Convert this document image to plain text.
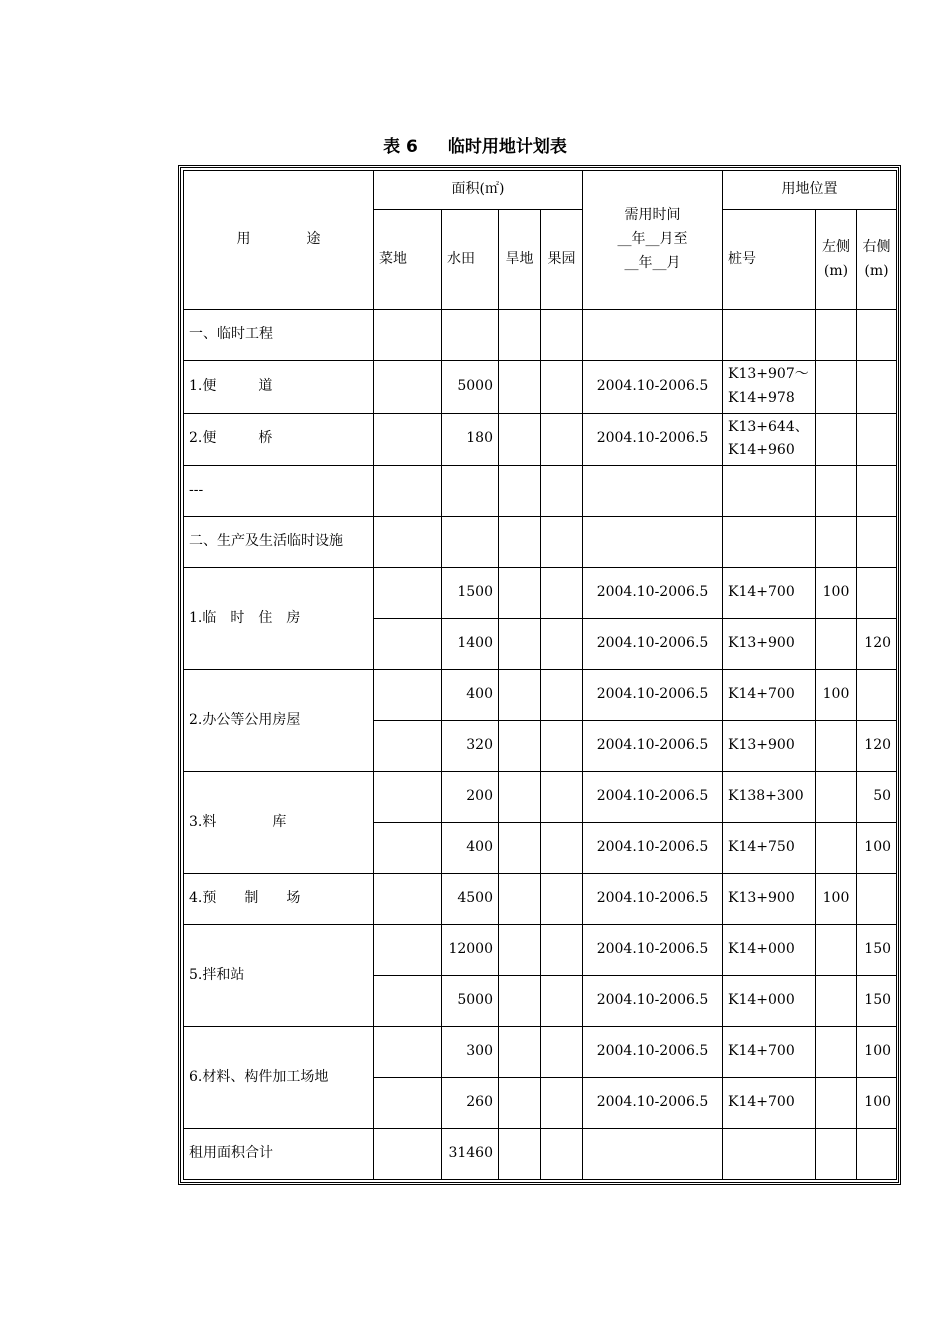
表 6 临时用地计划表
用　　　　途	面积(㎡)				需用时间
__年__月至
__年__月	用地位置		
	菜地	水田	旱地	果园		桩号	左侧(m)	右侧(m)
一、临时工程								
1.便　　　道		5000			2004.10-2006.5	K13+907～K14+978		
2.便　　　桥		180			2004.10-2006.5	K13+644、K14+960		
---								
二、生产及生活临时设施								
1.临　时　住　房		1500			2004.10-2006.5	K14+700	100	
		1400			2004.10-2006.5	K13+900		120
2.办公等公用房屋		400			2004.10-2006.5	K14+700	100	
		320			2004.10-2006.5	K13+900		120
3.料　　　　库		200			2004.10-2006.5	K138+300		50
		400			2004.10-2006.5	K14+750		100
4.预　　制　　场		4500			2004.10-2006.5	K13+900	100	
5.拌和站		12000			2004.10-2006.5	K14+000		150
		5000			2004.10-2006.5	K14+000		150
6.材料、构件加工场地		300			2004.10-2006.5	K14+700		100
		260			2004.10-2006.5	K14+700		100
租用面积合计		31460						
